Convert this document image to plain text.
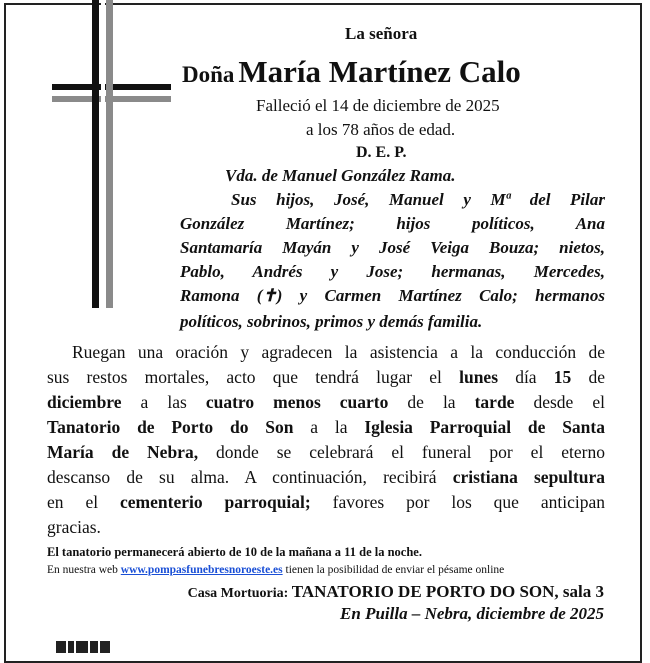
La señora
Doña María Martínez Calo
Falleció el 14 de diciembre de 2025
a los 78 años de edad.
D. E. P.
Vda. de Manuel González Rama.
Sus hijos, José, Manuel y Mª del Pilar
González Martínez; hijos políticos, Ana
Santamaría Mayán y José Veiga Bouza; nietos,
Pablo, Andrés y Jose; hermanas, Mercedes,
Ramona (✝) y Carmen Martínez Calo; hermanos
políticos, sobrinos, primos y demás familia.
Ruegan una oración y agradecen la asistencia a la conducción de
sus restos mortales, acto que tendrá lugar el lunes día 15 de
diciembre a las cuatro menos cuarto de la tarde desde el
Tanatorio de Porto do Son a la Iglesia Parroquial de Santa
María de Nebra, donde se celebrará el funeral por el eterno
descanso de su alma. A continuación, recibirá cristiana sepultura
en el cementerio parroquial; favores por los que anticipan
gracias.
El tanatorio permanecerá abierto de 10 de la mañana a 11 de la noche.
En nuestra web www.pompasfunebresnoroeste.es tienen la posibilidad de enviar el pésame online
Casa Mortuoria: TANATORIO DE PORTO DO SON, sala 3
En Puilla – Nebra, diciembre de 2025
